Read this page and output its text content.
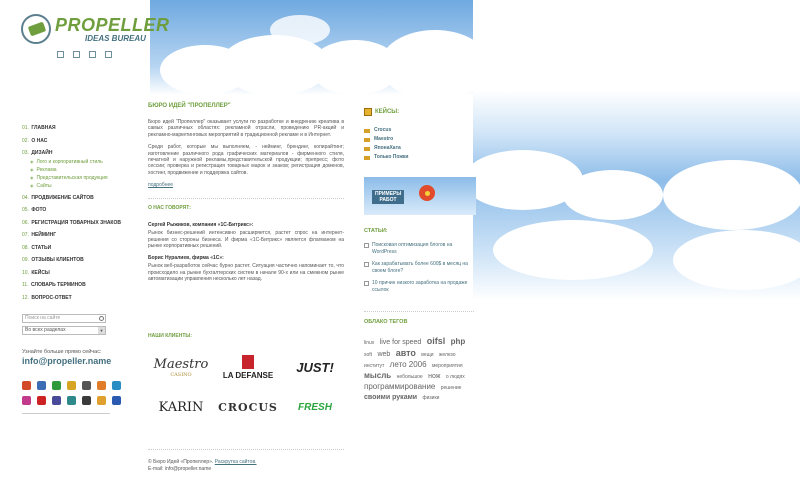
PROPELLER
IDEAS BUREAU
01. ГЛАВНАЯ
02. О НАС
03. ДИЗАЙН
◉ Лого и корпоративный стиль
◉ Реклама
◉ Представительская продукция
◉ Сайты
04. ПРОДВИЖЕНИЕ САЙТОВ
05. ФОТО
06. РЕГИСТРАЦИЯ ТОВАРНЫХ ЗНАКОВ
07. НЕЙМИНГ
08. СТАТЬИ
09. ОТЗЫВЫ КЛИЕНТОВ
10. КЕЙСЫ
11. СЛОВАРЬ ТЕРМИНОВ
12. ВОПРОС-ОТВЕТ
Поиск на сайте
Во всех разделах	▼
Узнайте больше прямо сейчас:
info@propeller.name
БЮРО ИДЕЙ "ПРОПЕЛЛЕР"
Бюро идей "Пропеллер" оказывает услуги по разработке и внедрению креатива в самых различных областях: рекламной отрасли, проведению PR-акций и рекламно-маркетинговых мероприятий в традиционной рекламе и в Интернет.
Среди работ, которые мы выполняем, - нейминг, брендинг, копирайтинг; изготовление различного рода графических материалов - фирменного стиля, печатной и наружной рекламы,представительской продукции; препресс; фото сессии; проверка и регистрация товарных марок и знаков; регистрация доменов, хостинг, продвижение и поддержка сайтов.
подробнее
О НАС ГОВОРЯТ:
Сергей Рыжиков, компания «1С-Битрикс»:
Рынок бизнес-решений интенсивно расширяется, растет спрос на интернет-решения со стороны бизнеса. И фирма «1С-Битрикс» является флагманом на рынке корпоративных решений.
Борис Нуралиев, фирма «1С»:
Рынок веб-разработок сейчас бурно растет. Ситуация частично напоминает то, что происходило на рынке бухгалтерских систем в начале 90-х или на смежном рынке автоматизации управления несколько лет назад.
НАШИ КЛИЕНТЫ:
Maestro
CASINO	LA DEFANSE
JUST!
KARIN	CROCUS	FRESH
© Бюро Идей «Пропеллер». Раскрутка сайтов.
E-mail: info@propeller.name
КЕЙСЫ:
Crocus
Maestro
ЯпонаХата
Только Пожки
ПРИМЕРЫ РАБОТ
СТАТЬИ:
Поисковая оптимизация блогов на WordPress
Как зарабатывать более 600$ в месяц на своем блоге?
10 причин низкого заработка на продаже ссылок
ОБЛАКО ТЕГОВ
linux live for speed oifsl php soft web авто вещи железо институт лето 2006 мероприятия мысль небольшое нож о людях программирование решение своими руками физики
